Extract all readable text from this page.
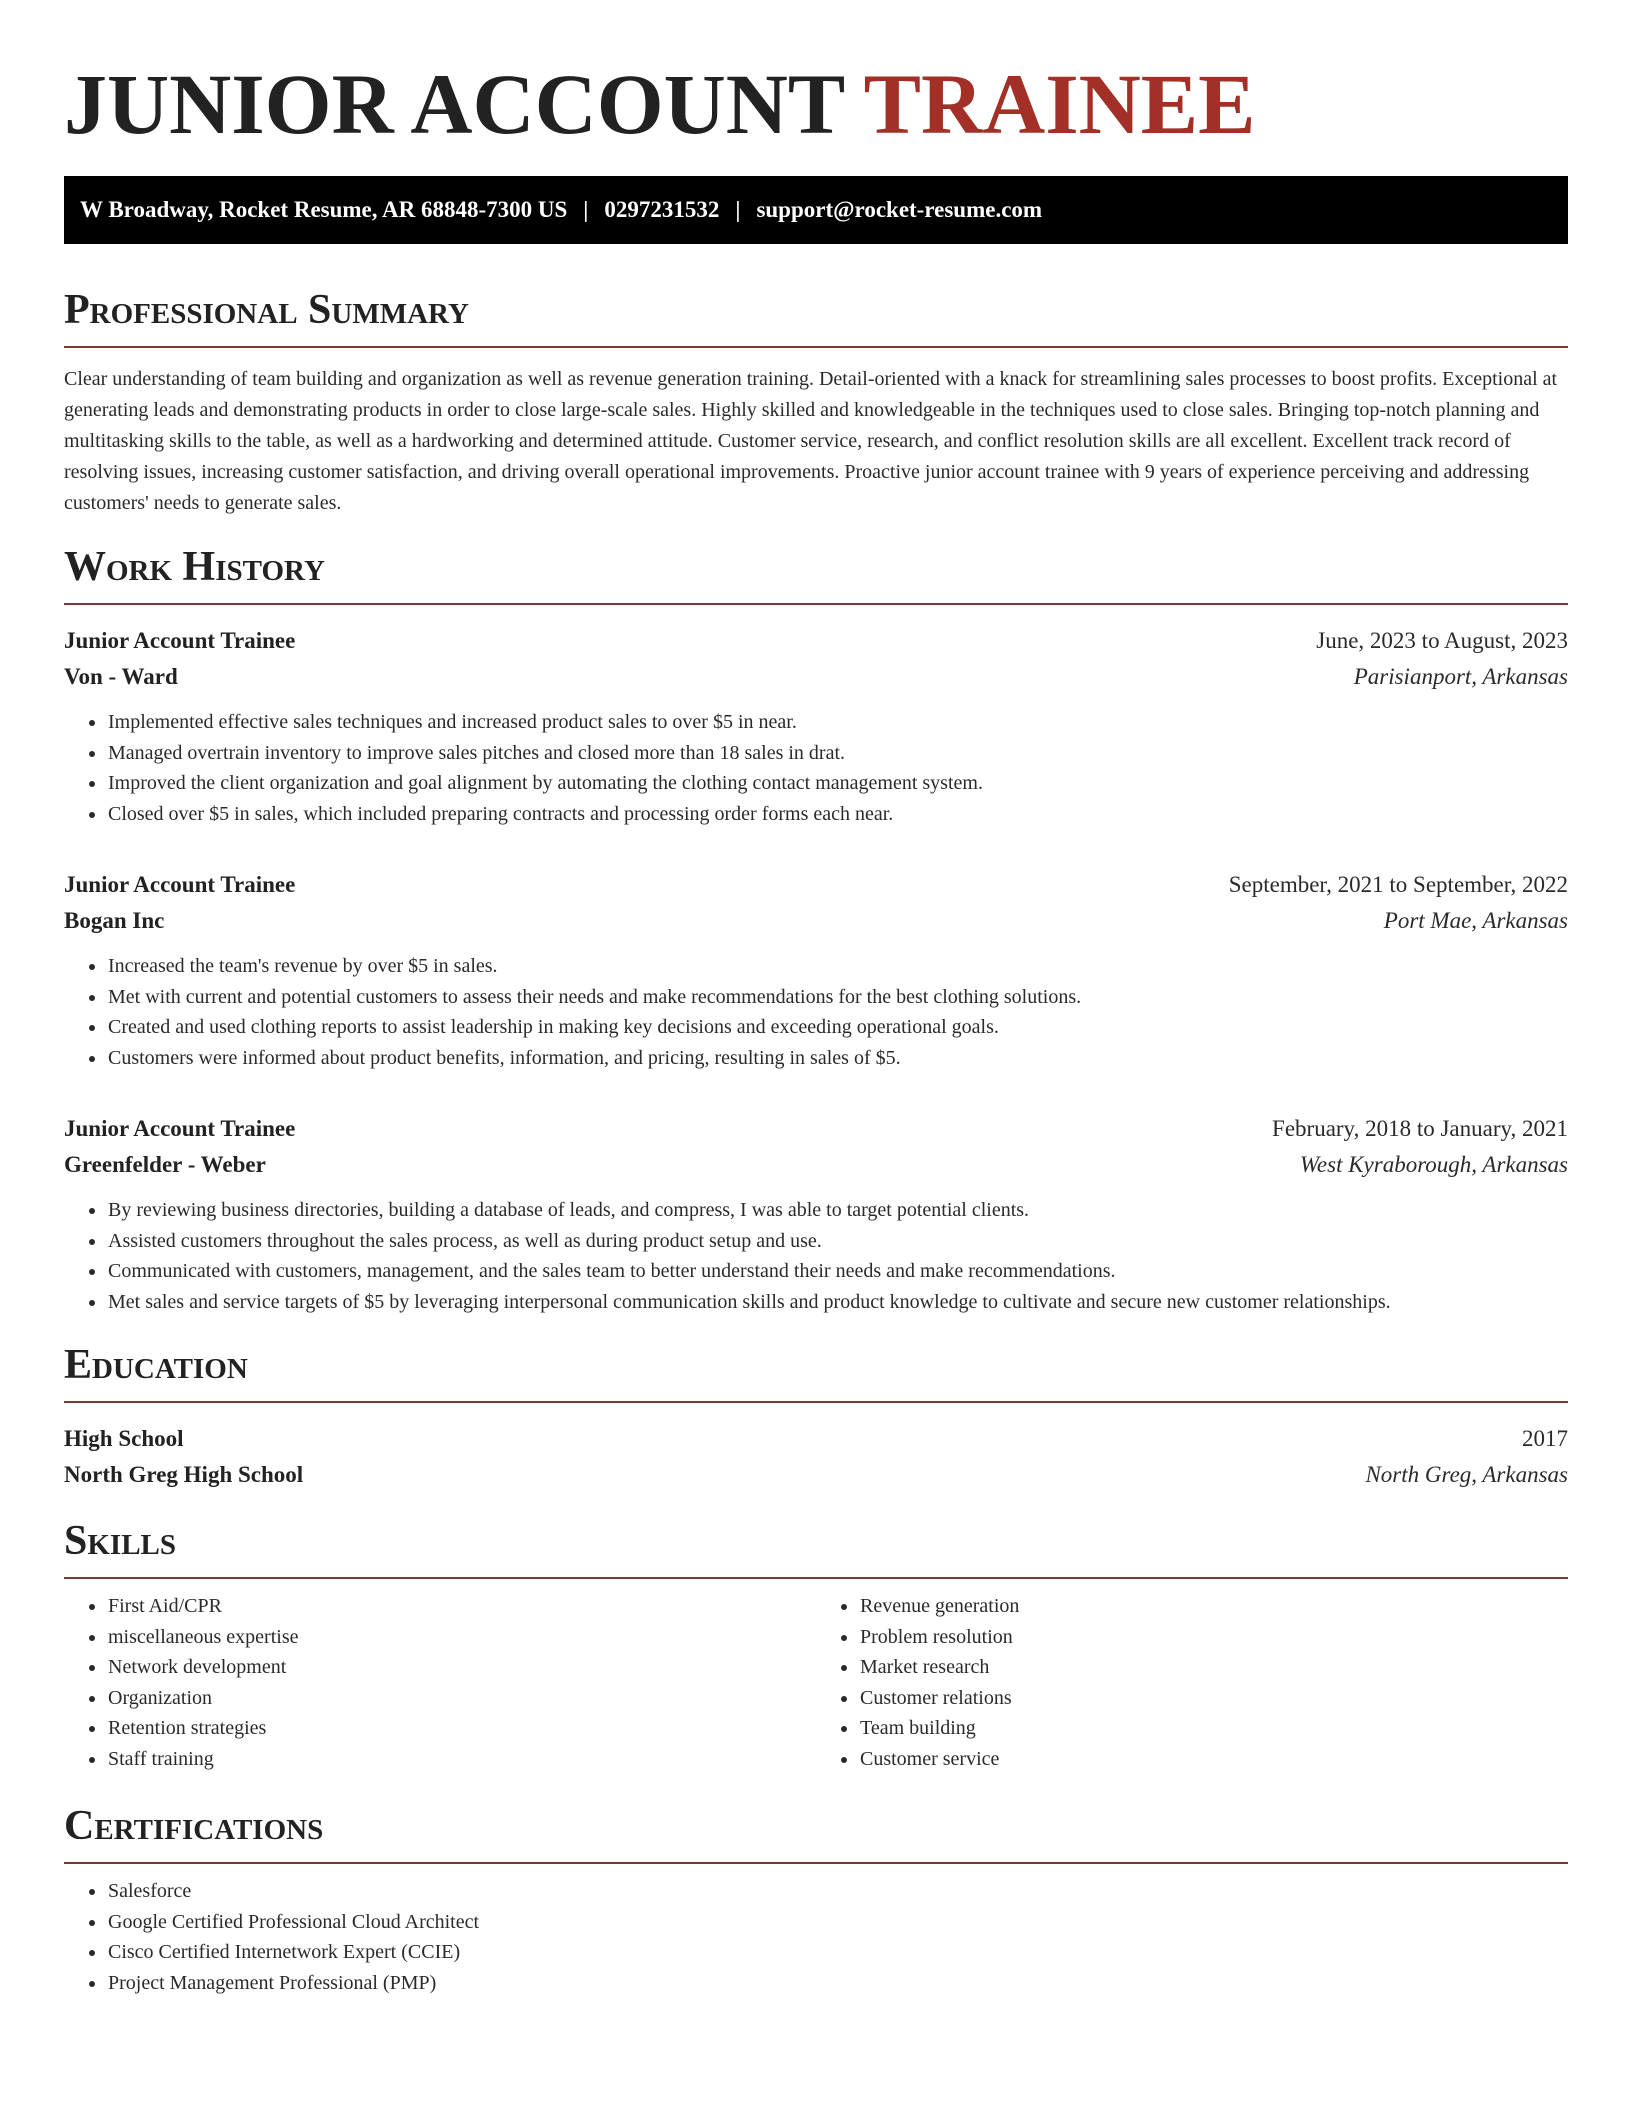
JUNIOR ACCOUNT TRAINEE
W Broadway, Rocket Resume, AR 68848-7300 US | 0297231532 | support@rocket-resume.com
Professional Summary

Clear understanding of team building and organization as well as revenue generation training. Detail-oriented with a knack for streamlining sales processes to boost profits. Exceptional at generating leads and demonstrating products in order to close large-scale sales. Highly skilled and knowledgeable in the techniques used to close sales. Bringing top-notch planning and multitasking skills to the table, as well as a hardworking and determined attitude. Customer service, research, and conflict resolution skills are all excellent. Excellent track record of resolving issues, increasing customer satisfaction, and driving overall operational improvements. Proactive junior account trainee with 9 years of experience perceiving and addressing customers' needs to generate sales.

Work History
Junior Account Trainee	June, 2023 to August, 2023
Von - Ward	Parisianport, Arkansas
• Implemented effective sales techniques and increased product sales to over $5 in near.
• Managed overtrain inventory to improve sales pitches and closed more than 18 sales in drat.
• Improved the client organization and goal alignment by automating the clothing contact management system.
• Closed over $5 in sales, which included preparing contracts and processing order forms each near.
Junior Account Trainee	September, 2021 to September, 2022
Bogan Inc	Port Mae, Arkansas
• Increased the team's revenue by over $5 in sales.
• Met with current and potential customers to assess their needs and make recommendations for the best clothing solutions.
• Created and used clothing reports to assist leadership in making key decisions and exceeding operational goals.
• Customers were informed about product benefits, information, and pricing, resulting in sales of $5.
Junior Account Trainee	February, 2018 to January, 2021
Greenfelder - Weber	West Kyraborough, Arkansas
• By reviewing business directories, building a database of leads, and compress, I was able to target potential clients.
• Assisted customers throughout the sales process, as well as during product setup and use.
• Communicated with customers, management, and the sales team to better understand their needs and make recommendations.
• Met sales and service targets of $5 by leveraging interpersonal communication skills and product knowledge to cultivate and secure new customer relationships.
Education
High School	2017
North Greg High School	North Greg, Arkansas
Skills
• First Aid/CPR
• miscellaneous expertise
• Network development
• Organization
• Retention strategies
• Staff training
• Revenue generation
• Problem resolution
• Market research
• Customer relations
• Team building
• Customer service
Certifications
• Salesforce
• Google Certified Professional Cloud Architect
• Cisco Certified Internetwork Expert (CCIE)
• Project Management Professional (PMP)
